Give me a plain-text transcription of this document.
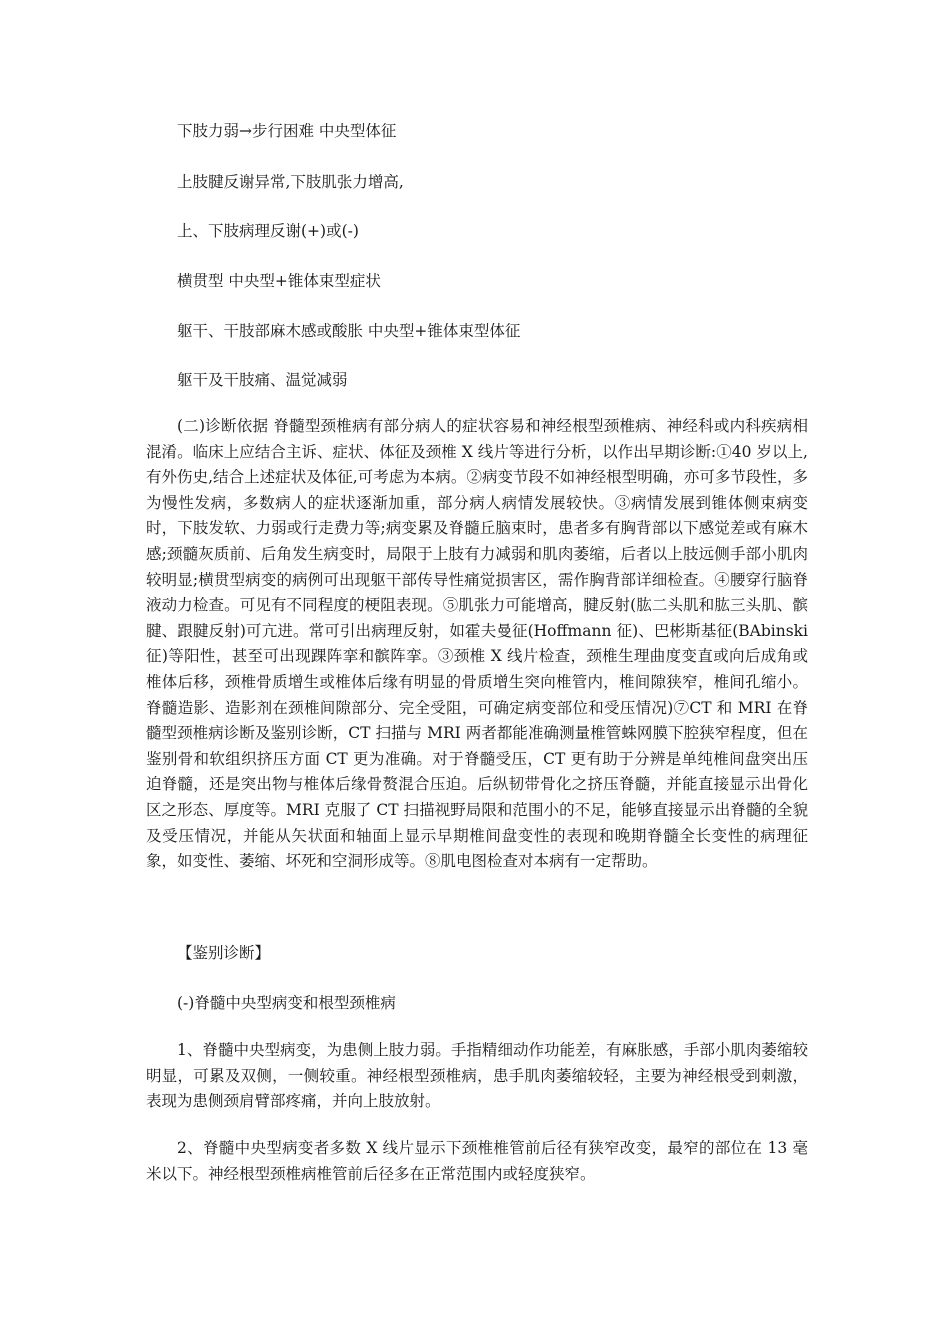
下肢力弱→步行困难 中央型体征
上肢腱反谢异常,下肢肌张力增高,
上、下肢病理反谢(+)或(-)
横贯型 中央型+锥体束型症状
躯干、干肢部麻木感或酸胀 中央型+锥体束型体征
躯干及干肢痛、温觉减弱

(二)诊断依据 脊髓型颈椎病有部分病人的症状容易和神经根型颈椎病、神经科或内科疾病相混淆。临床上应结合主诉、症状、体征及颈椎 X 线片等进行分析，以作出早期诊断:①40 岁以上,有外伤史,结合上述症状及体征,可考虑为本病。②病变节段不如神经根型明确，亦可多节段性，多为慢性发病，多数病人的症状逐渐加重，部分病人病情发展较快。③病情发展到锥体侧束病变时，下肢发软、力弱或行走费力等;病变累及脊髓丘脑束时，患者多有胸背部以下感觉差或有麻木感;颈髓灰质前、后角发生病变时，局限于上肢有力减弱和肌肉萎缩，后者以上肢远侧手部小肌肉较明显;横贯型病变的病例可出现躯干部传导性痛觉损害区，需作胸背部详细检查。④腰穿行脑脊液动力检查。可见有不同程度的梗阻表现。⑤肌张力可能增高，腱反射(肱二头肌和肱三头肌、髌腱、跟腱反射)可亢进。常可引出病理反射，如霍夫曼征(Hoffmann 征)、巴彬斯基征(BAbinski 征)等阳性，甚至可出现踝阵挛和髌阵挛。③颈椎 X 线片检查，颈椎生理曲度变直或向后成角或椎体后移，颈椎骨质增生或椎体后缘有明显的骨质增生突向椎管内，椎间隙狭窄，椎间孔缩小。脊髓造影、造影剂在颈椎间隙部分、完全受阻，可确定病变部位和受压情况)⑦CT 和 MRI 在脊髓型颈椎病诊断及鉴别诊断，CT 扫描与 MRI 两者都能准确测量椎管蛛网膜下腔狭窄程度，但在鉴别骨和软组织挤压方面 CT 更为准确。对于脊髓受压，CT 更有助于分辨是单纯椎间盘突出压迫脊髓，还是突出物与椎体后缘骨赘混合压迫。后纵韧带骨化之挤压脊髓，并能直接显示出骨化区之形态、厚度等。MRI 克服了 CT 扫描视野局限和范围小的不足，能够直接显示出脊髓的全貌及受压情况，并能从矢状面和轴面上显示早期椎间盘变性的表现和晚期脊髓全长变性的病理征象，如变性、萎缩、坏死和空洞形成等。⑧肌电图检查对本病有一定帮助。

【鉴别诊断】
(-)脊髓中央型病变和根型颈椎病

1、脊髓中央型病变，为患侧上肢力弱。手指精细动作功能差，有麻胀感，手部小肌肉萎缩较明显，可累及双侧，一侧较重。神经根型颈椎病，患手肌肉萎缩较轻，主要为神经根受到刺激，表现为患侧颈肩臂部疼痛，并向上肢放射。

2、脊髓中央型病变者多数 X 线片显示下颈椎椎管前后径有狭窄改变，最窄的部位在 13 毫米以下。神经根型颈椎病椎管前后径多在正常范围内或轻度狭窄。
